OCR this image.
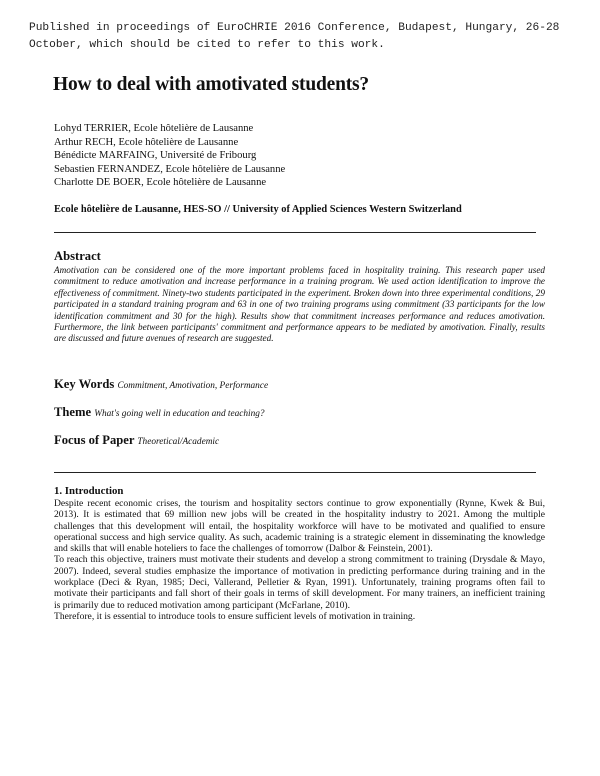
Published in proceedings of EuroCHRIE 2016 Conference, Budapest, Hungary, 26-28 October, which should be cited to refer to this work.
How to deal with amotivated students?
Lohyd TERRIER, Ecole hôtelière de Lausanne
Arthur RECH, Ecole hôtelière de Lausanne
Bénédicte MARFAING, Université de Fribourg
Sebastien FERNANDEZ, Ecole hôtelière de Lausanne
Charlotte DE BOER, Ecole hôtelière de Lausanne
Ecole hôtelière de Lausanne, HES-SO // University of Applied Sciences Western Switzerland
Abstract
Amotivation can be considered one of the more important problems faced in hospitality training. This research paper used commitment to reduce amotivation and increase performance in a training program. We used action identification to improve the effectiveness of commitment. Ninety-two students participated in the experiment. Broken down into three experimental conditions, 29 participated in a standard training program and 63 in one of two training programs using commitment (33 participants for the low identification commitment and 30 for the high). Results show that commitment increases performance and reduces amotivation. Furthermore, the link between participants' commitment and performance appears to be mediated by amotivation. Finally, results are discussed and future avenues of research are suggested.
Key Words Commitment, Amotivation, Performance
Theme What's going well in education and teaching?
Focus of Paper Theoretical/Academic
1. Introduction

Despite recent economic crises, the tourism and hospitality sectors continue to grow exponentially (Rynne, Kwek & Bui, 2013). It is estimated that 69 million new jobs will be created in the hospitality industry to 2021. Among the multiple challenges that this development will entail, the hospitality workforce will have to be motivated and qualified to ensure operational success and high service quality. As such, academic training is a strategic element in disseminating the knowledge and skills that will enable hoteliers to face the challenges of tomorrow (Dalbor & Feinstein, 2001).

To reach this objective, trainers must motivate their students and develop a strong commitment to training (Drysdale & Mayo, 2007). Indeed, several studies emphasize the importance of motivation in predicting performance during training and in the workplace (Deci & Ryan, 1985; Deci, Vallerand, Pelletier & Ryan, 1991). Unfortunately, training programs often fail to motivate their participants and fall short of their goals in terms of skill development. For many trainers, an inefficient training is primarily due to reduced motivation among participant (McFarlane, 2010).

Therefore, it is essential to introduce tools to ensure sufficient levels of motivation in training.
